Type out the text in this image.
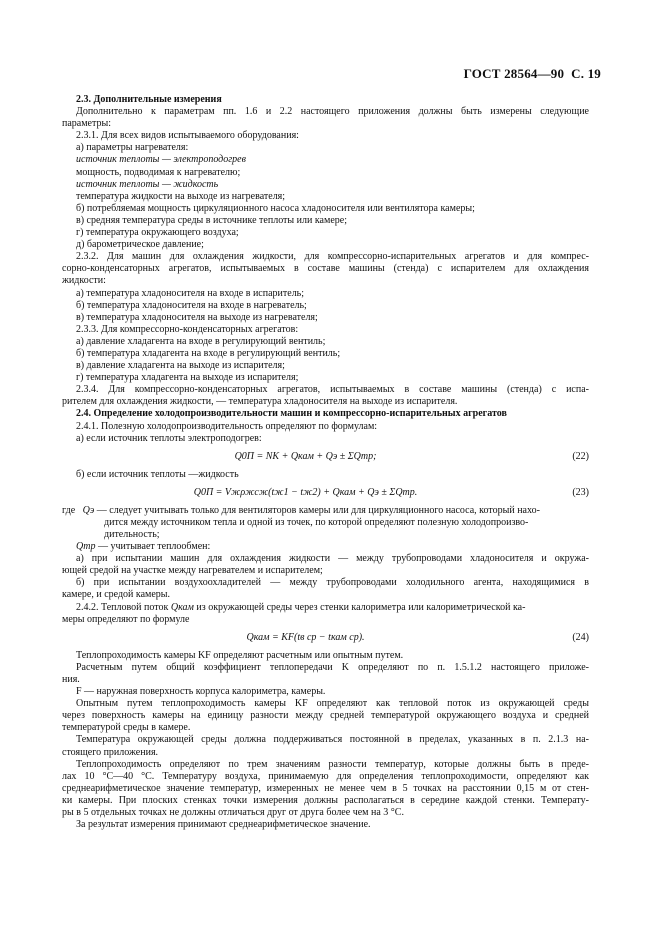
ГОСТ 28564—90 С. 19
2.3. Дополнительные измерения
Дополнительно к параметрам пп. 1.6 и 2.2 настоящего приложения должны быть измерены следующие
параметры:
2.3.1. Для всех видов испытываемого оборудования:
а) параметры нагревателя:
источник теплоты — электроподогрев
мощность, подводимая к нагревателю;
источник теплоты — жидкость
температура жидкости на выходе из нагревателя;
б) потребляемая мощность циркуляционного насоса хладоносителя или вентилятора камеры;
в) средняя температура среды в источнике теплоты или камере;
г) температура окружающего воздуха;
д) барометрическое давление;
2.3.2. Для машин для охлаждения жидкости, для компрессорно-испарительных агрегатов и для компрес-
сорно-конденсаторных агрегатов, испытываемых в составе машины (стенда) с испарителем для охлаждения
жидкости:
а) температура хладоносителя на входе в испаритель;
б) температура хладоносителя на входе в нагреватель;
в) температура хладоносителя на выходе из нагревателя;
2.3.3. Для компрессорно-конденсаторных агрегатов:
а) давление хладагента на входе в регулирующий вентиль;
б) температура хладагента на входе в регулирующий вентиль;
в) давление хладагента на выходе из испарителя;
г) температура хладагента на выходе из испарителя;
2.3.4. Для компрессорно-конденсаторных агрегатов, испытываемых в составе машины (стенда) с испа-
рителем для охлаждения жидкости, — температура хладоносителя на выходе из испарителя.
2.4. Определение холодопроизводительности машин и компрессорно-испарительных агрегатов
2.4.1. Полезную холодопроизводительность определяют по формулам:
а) если источник теплоты электроподогрев:
Q0П = NК + Qкам + Qэ ± ΣQтр;	(22)
б) если источник теплоты —жидкость
Q0П = Vжρжcж(tж1 − tж2) + Qкам + Qэ ± ΣQтр.	(23)
где Qэ — следует учитывать только для вентиляторов камеры или для циркуляционного насоса, который нахо-
дится между источником тепла и одной из точек, по которой определяют полезную холодопроизво-
дительность;
Qтр — учитывает теплообмен:
а) при испытании машин для охлаждения жидкости — между трубопроводами хладоносителя и окружа-
ющей средой на участке между нагревателем и испарителем;
б) при испытании воздухоохладителей — между трубопроводами холодильного агента, находящимися в
камере, и средой камеры.
2.4.2. Тепловой поток Qкам из окружающей среды через стенки калориметра или калориметрической ка-
меры определяют по формуле
Qкам = KF(tв ср − tкам ср).	(24)
Теплопроходимость камеры KF определяют расчетным или опытным путем.
Расчетным путем общий коэффициент теплопередачи K определяют по п. 1.5.1.2 настоящего приложе-
ния.
F — наружная поверхность корпуса калориметра, камеры.
Опытным путем теплопроходимость камеры KF определяют как тепловой поток из окружающей среды
через поверхность камеры на единицу разности между средней температурой окружающего воздуха и средней
температурой среды в камере.
Температура окружающей среды должна поддерживаться постоянной в пределах, указанных в п. 2.1.3 на-
стоящего приложения.
Теплопроходимость определяют по трем значениям разности температур, которые должны быть в преде-
лах 10 °С—40 °С. Температуру воздуха, принимаемую для определения теплопроходимости, определяют как
среднеарифметическое значение температур, измеренных не менее чем в 5 точках на расстоянии 0,15 м от стен-
ки камеры. При плоских стенках точки измерения должны располагаться в середине каждой стенки. Температу-
ры в 5 отдельных точках не должны отличаться друг от друга более чем на 3 °С.
За результат измерения принимают среднеарифметическое значение.
